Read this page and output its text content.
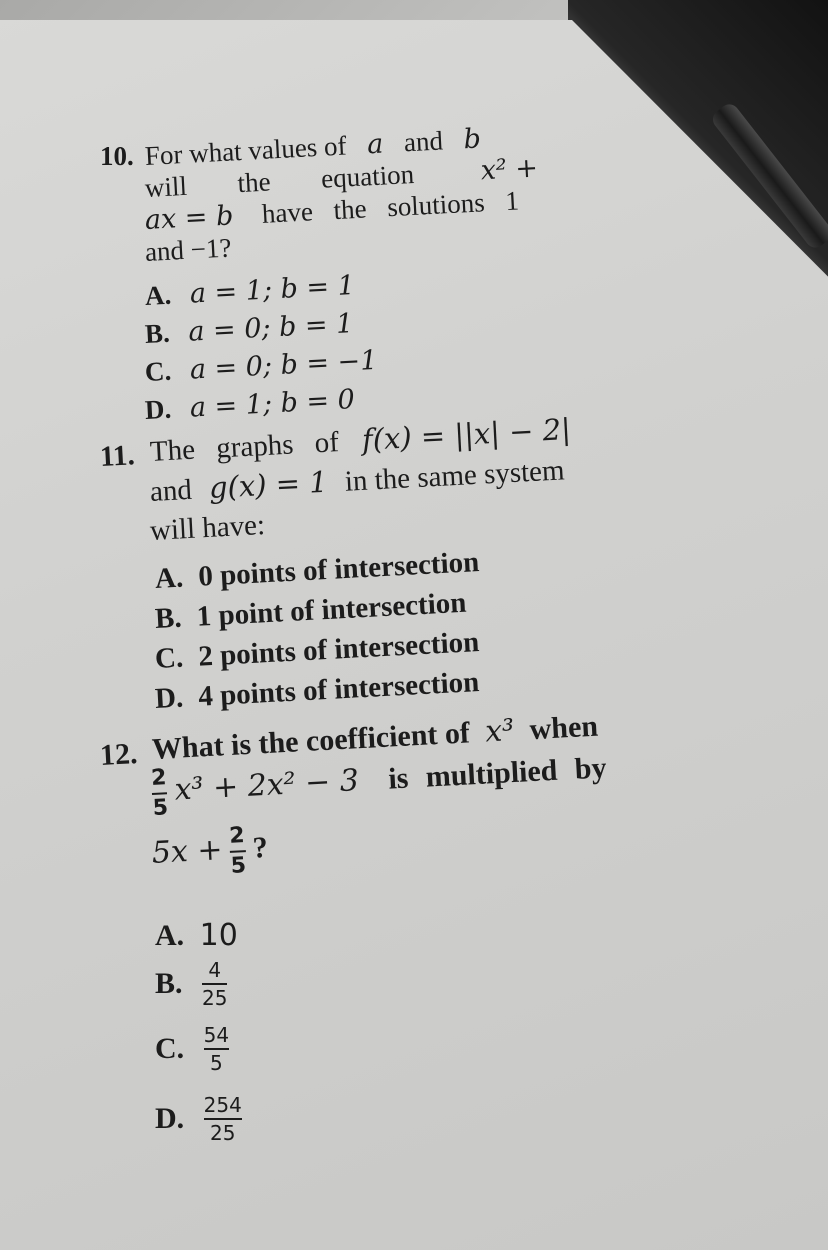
10. For what values of a and b
will the equation x² +
ax = b have the solutions 1
and −1?
A. a = 1; b = 1
B. a = 0; b = 1
C. a = 0; b = −1
D. a = 1; b = 0
11. The graphs of f(x) = ||x| − 2|
and g(x) = 1 in the same system
will have:
A. 0 points of intersection
B. 1 point of intersection
C. 2 points of intersection
D. 4 points of intersection
12. What is the coefficient of x³ when
$\frac{2}{5} x^3 + 2x^2 - 3$ is multiplied by
$5x + \frac{2}{5}$ ?
A. 10
B. $\frac{4}{25}$
C. $\frac{54}{5}$
D. $\frac{254}{25}$
